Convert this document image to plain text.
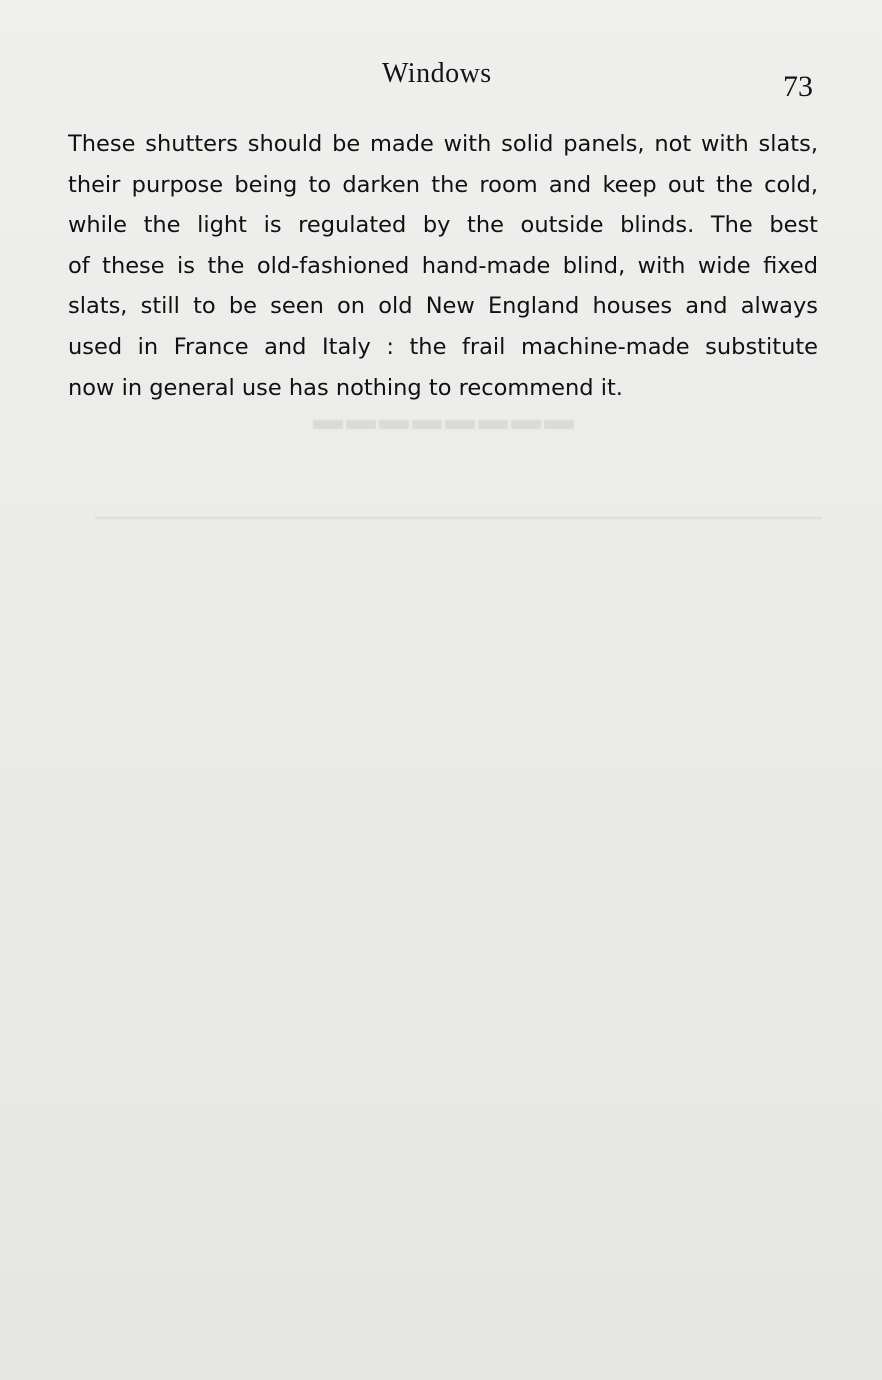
▬▬▬▬▬▬▬▬
──────────────────────────────────────
Windows	73
These shutters should be made with solid panels, not with slats,
their purpose being to darken the room and keep out the cold,
while the light is regulated by the outside blinds. The best
of these is the old-fashioned hand-made blind, with wide fixed
slats, still to be seen on old New England houses and always
used in France and Italy : the frail machine-made substitute
now in general use has nothing to recommend it.
